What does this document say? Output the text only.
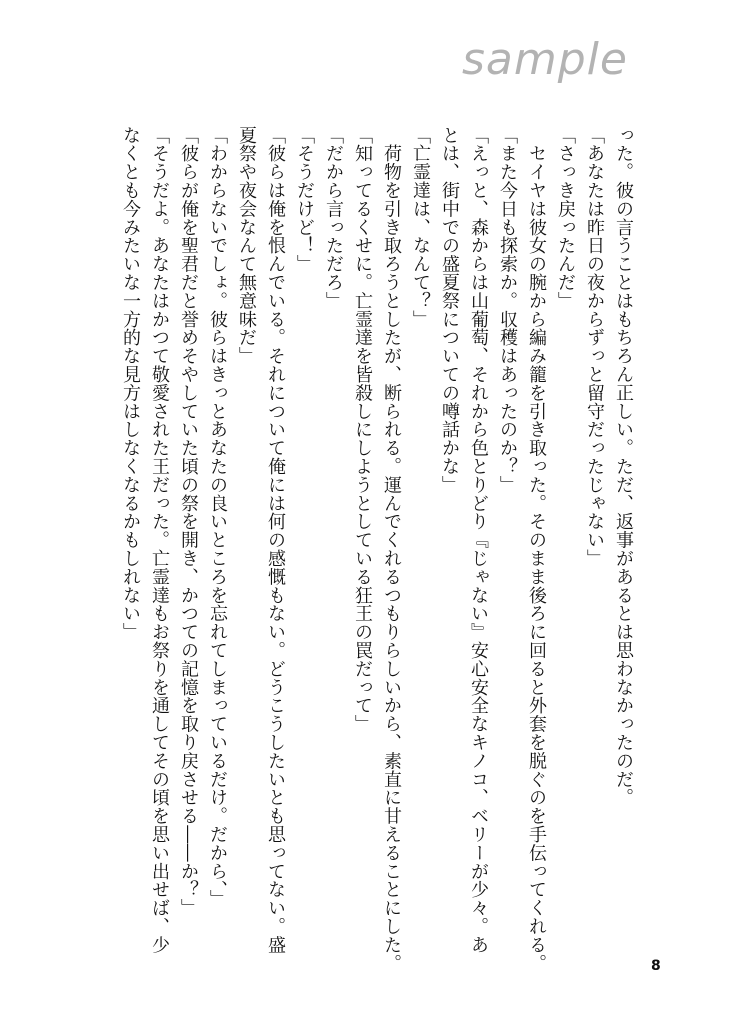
sample
った。彼の言うことはもちろん正しい。ただ、返事があるとは思わなかったのだ。
「あなたは昨日の夜からずっと留守だったじゃない」
「さっき戻ったんだ」
　セイヤは彼女の腕から編み籠を引き取った。そのまま後ろに回ると外套を脱ぐのを手伝ってくれる。
「また今日も探索か。収穫はあったのか？」
「えっと、森からは山葡萄、それから色とりどり『じゃない』安心安全なキノコ、ベリーが少々。あ
とは、街中での盛夏祭についての噂話かな」
「亡霊達は、なんて？」
　荷物を引き取ろうとしたが、断られる。運んでくれるつもりらしいから、素直に甘えることにした。
「知ってるくせに。亡霊達を皆殺しにしようとしている狂王の罠だって」
「だから言っただろ」
「そうだけど！」
「彼らは俺を恨んでいる。それについて俺には何の感慨もない。どうこうしたいとも思ってない。盛
夏祭や夜会なんて無意味だ」
「わからないでしょ。彼らはきっとあなたの良いところを忘れてしまっているだけ。だから、」
「彼らが俺を聖君だと誉めそやしていた頃の祭を開き、かつての記憶を取り戻させる――か？」
「そうだよ。あなたはかつて敬愛された王だった。亡霊達もお祭りを通してその頃を思い出せば、少
なくとも今みたいな一方的な見方はしなくなるかもしれない」
8
